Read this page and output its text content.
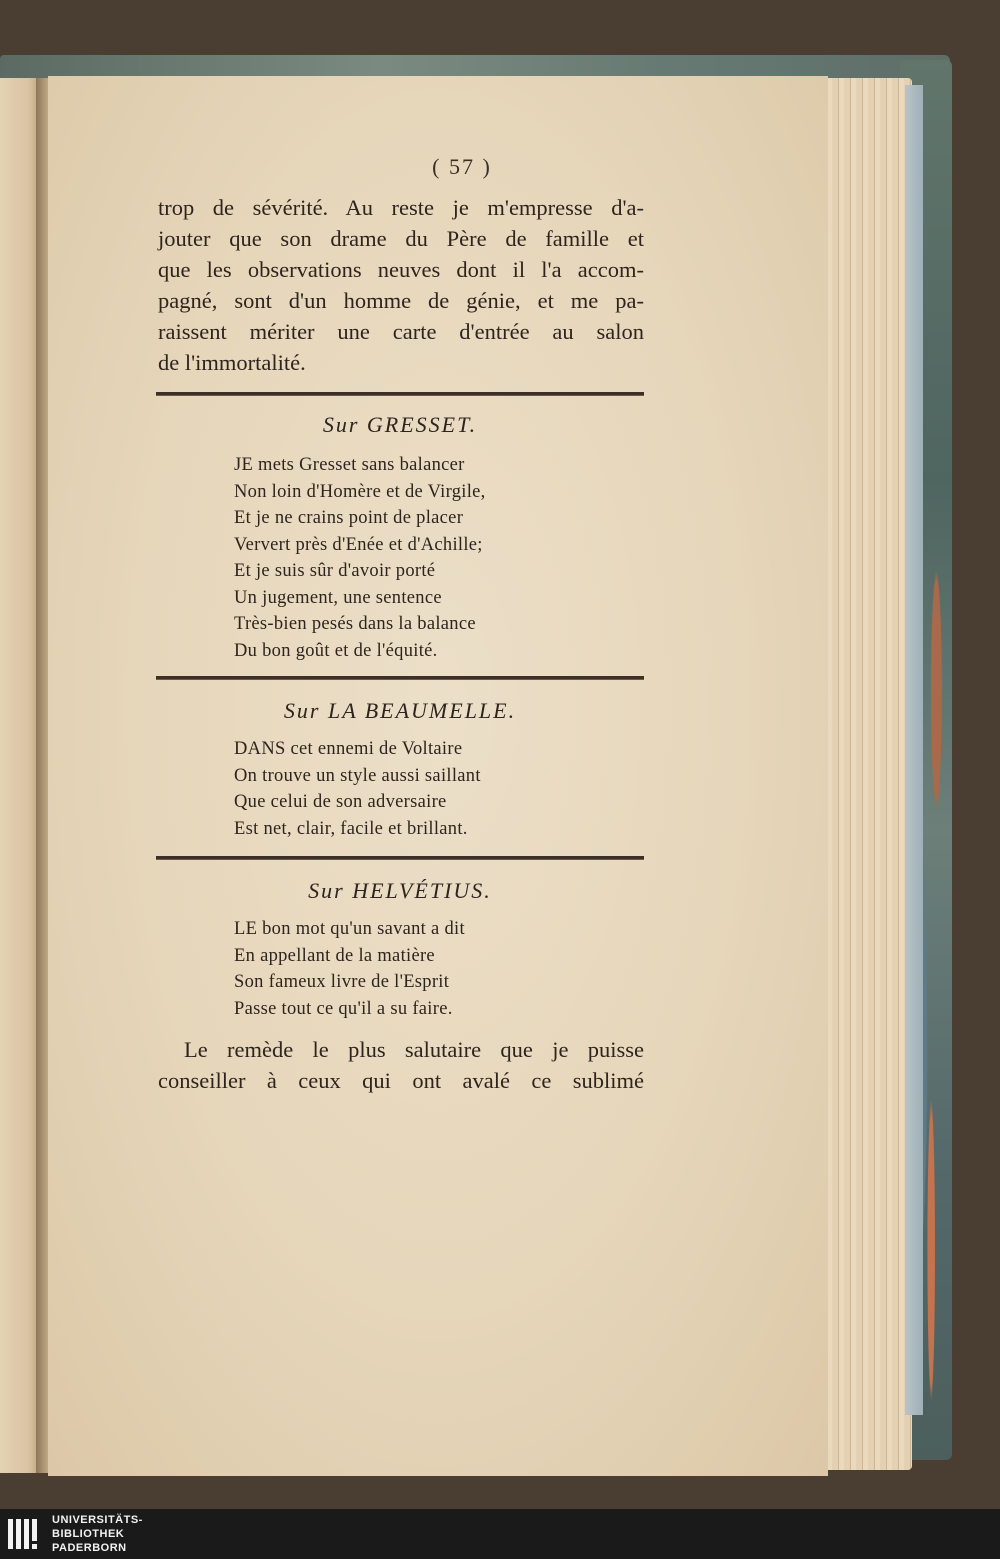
( 57 )
trop de sévérité. Au reste je m'empresse d'a-
jouter que son drame du Père de famille et
que les observations neuves dont il l'a accom-
pagné, sont d'un homme de génie, et me pa-
raissent mériter une carte d'entrée au salon
de l'immortalité.
Sur GRESSET.
JE mets Gresset sans balancer
Non loin d'Homère et de Virgile,
Et je ne crains point de placer
Ververt près d'Enée et d'Achille;
Et je suis sûr d'avoir porté
Un jugement, une sentence
Très-bien pesés dans la balance
Du bon goût et de l'équité.
Sur LA BEAUMELLE.
DANS cet ennemi de Voltaire
On trouve un style aussi saillant
Que celui de son adversaire
Est net, clair, facile et brillant.
Sur HELVÉTIUS.
LE bon mot qu'un savant a dit
En appellant de la matière
Son fameux livre de l'Esprit
Passe tout ce qu'il a su faire.
Le remède le plus salutaire que je puisse
conseiller à ceux qui ont avalé ce sublimé
UNIVERSITÄTS-
BIBLIOTHEK
PADERBORN
